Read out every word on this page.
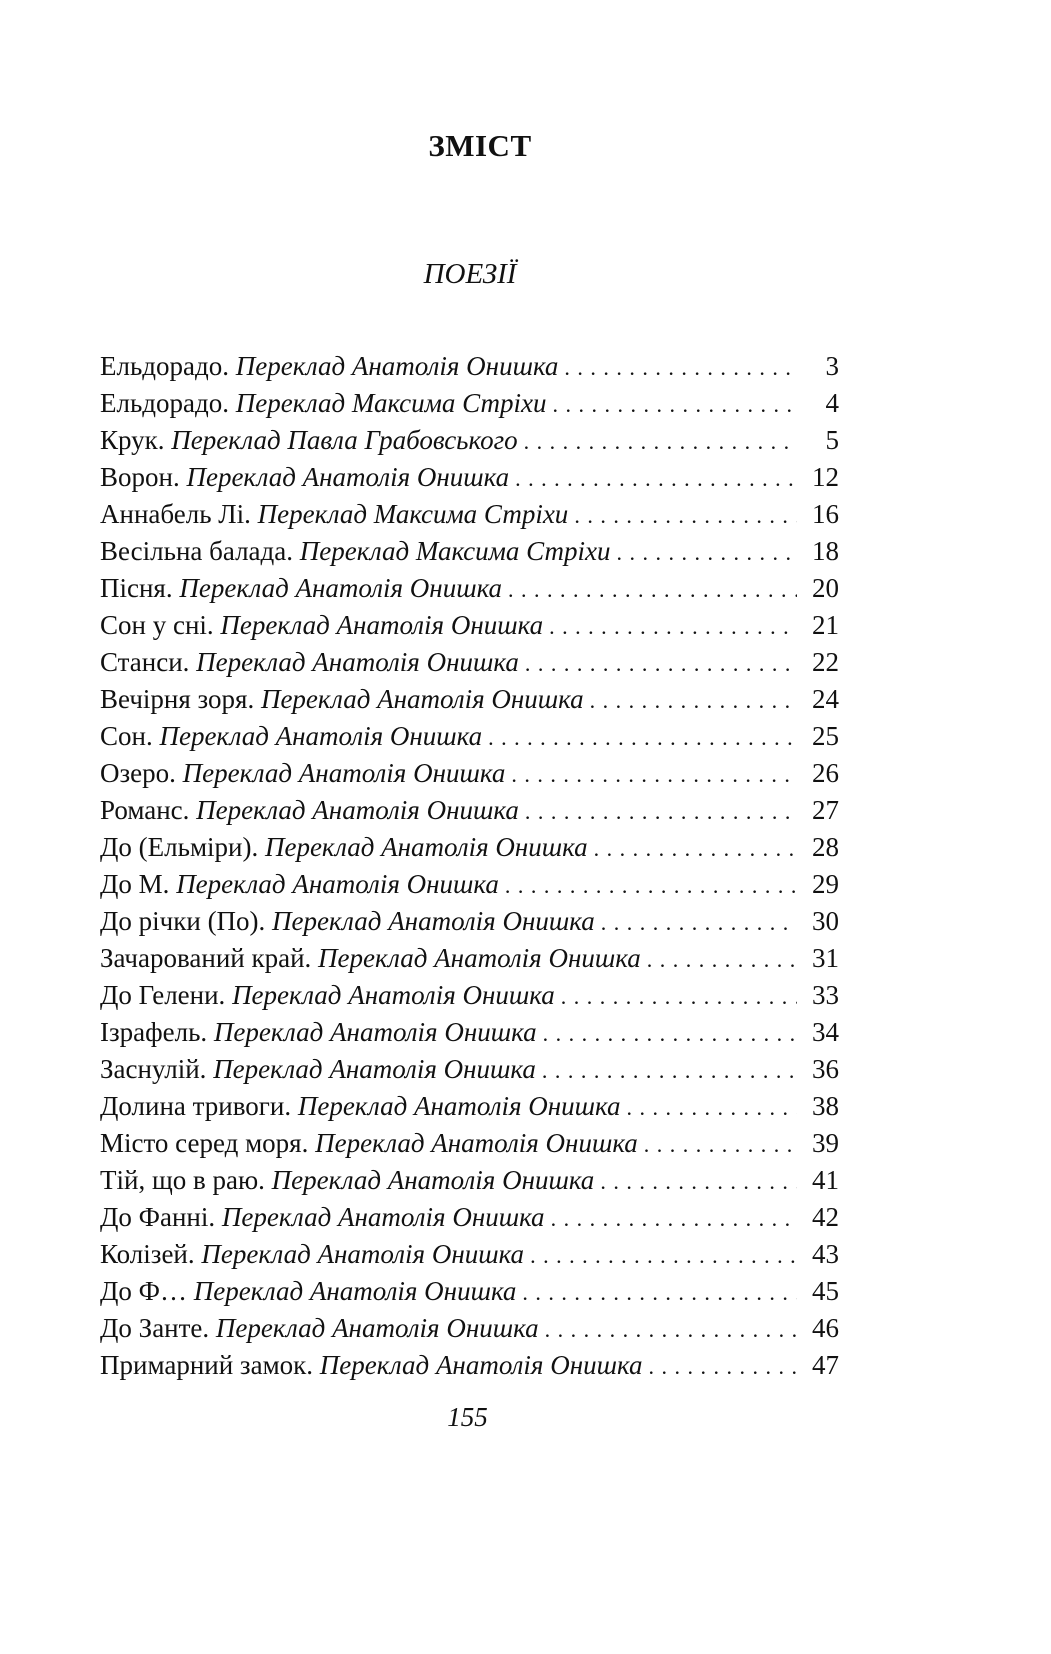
ЗМІСТ
ПОЕЗІЇ
Ельдорадо. Переклад Анатолія Онишка . . .	3
Ельдорадо. Переклад Максима Стріхи . . .	4
Крук. Переклад Павла Грабовського . . .	5
Ворон. Переклад Анатолія Онишка . . .	12
Аннабель Лі. Переклад Максима Стріхи . . .	16
Весільна балада. Переклад Максима Стріхи . . .	18
Пісня. Переклад Анатолія Онишка . . .	20
Сон у сні. Переклад Анатолія Онишка . . .	21
Станси. Переклад Анатолія Онишка . . .	22
Вечірня зоря. Переклад Анатолія Онишка . . .	24
Сон. Переклад Анатолія Онишка . . .	25
Озеро. Переклад Анатолія Онишка . . .	26
Романс. Переклад Анатолія Онишка . . .	27
До (Ельміри). Переклад Анатолія Онишка . . .	28
До М. Переклад Анатолія Онишка . . .	29
До річки (По). Переклад Анатолія Онишка . . .	30
Зачарований край. Переклад Анатолія Онишка . . .	31
До Гелени. Переклад Анатолія Онишка . . .	33
Ізрафель. Переклад Анатолія Онишка . . .	34
Заснулій. Переклад Анатолія Онишка . . .	36
Долина тривоги. Переклад Анатолія Онишка . . .	38
Місто серед моря. Переклад Анатолія Онишка . . .	39
Тій, що в раю. Переклад Анатолія Онишка . . .	41
До Фанні. Переклад Анатолія Онишка . . .	42
Колізей. Переклад Анатолія Онишка . . .	43
До Ф… Переклад Анатолія Онишка . . .	45
До Занте. Переклад Анатолія Онишка . . .	46
Примарний замок. Переклад Анатолія Онишка . . .	47
155
